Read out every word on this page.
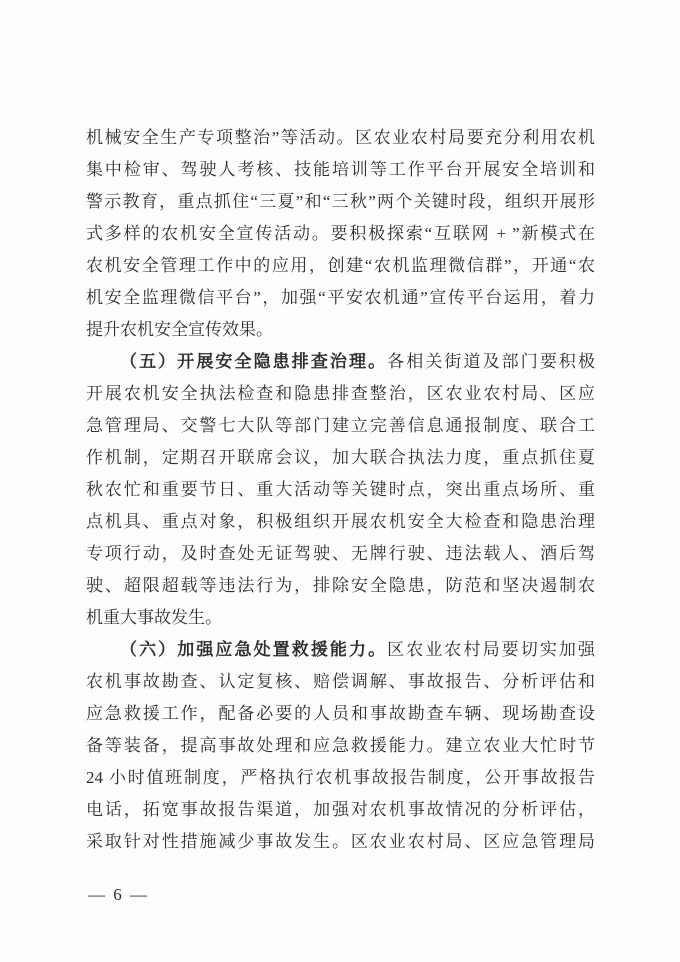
机械安全生产专项整治”等活动。区农业农村局要充分利用农机
集中检审、驾驶人考核、技能培训等工作平台开展安全培训和
警示教育，重点抓住“三夏”和“三秋”两个关键时段，组织开展形
式多样的农机安全宣传活动。要积极探索“互联网 + ”新模式在
农机安全管理工作中的应用，创建“农机监理微信群”，开通“农
机安全监理微信平台”，加强“平安农机通”宣传平台运用，着力
提升农机安全宣传效果。
（五）开展安全隐患排查治理。各相关街道及部门要积极
开展农机安全执法检查和隐患排查整治，区农业农村局、区应
急管理局、交警七大队等部门建立完善信息通报制度、联合工
作机制，定期召开联席会议，加大联合执法力度，重点抓住夏
秋农忙和重要节日、重大活动等关键时点，突出重点场所、重
点机具、重点对象，积极组织开展农机安全大检查和隐患治理
专项行动，及时查处无证驾驶、无牌行驶、违法载人、酒后驾
驶、超限超载等违法行为，排除安全隐患，防范和坚决遏制农
机重大事故发生。
（六）加强应急处置救援能力。区农业农村局要切实加强
农机事故勘查、认定复核、赔偿调解、事故报告、分析评估和
应急救援工作，配备必要的人员和事故勘查车辆、现场勘查设
备等装备，提高事故处理和应急救援能力。建立农业大忙时节
24 小时值班制度，严格执行农机事故报告制度，公开事故报告
电话，拓宽事故报告渠道，加强对农机事故情况的分析评估，
采取针对性措施减少事故发生。区农业农村局、区应急管理局
— 6 —
